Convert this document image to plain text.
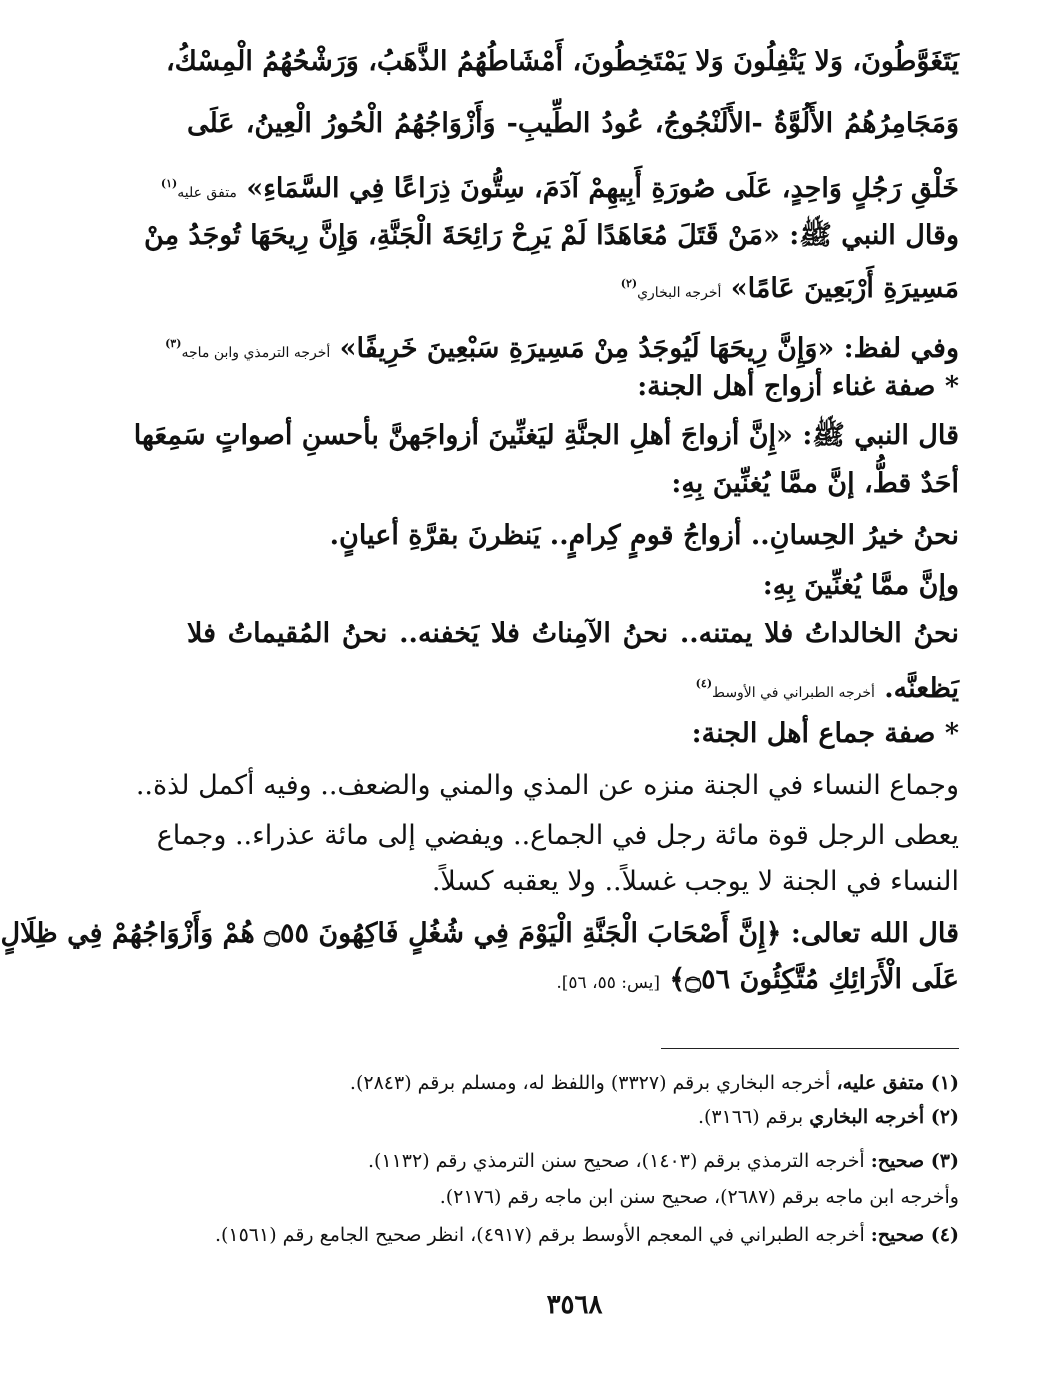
يَتَغَوَّطُونَ، وَلا يَتْفِلُونَ وَلا يَمْتَخِطُونَ، أَمْشَاطُهُمُ الذَّهَبُ، وَرَشْحُهُمُ الْمِسْكُ،
وَمَجَامِرُهُمُ الأَلُوَّةُ -الأَلَنْجُوجُ، عُودُ الطِّيبِ- وَأَزْوَاجُهُمُ الْحُورُ الْعِينُ، عَلَى
خَلْقِ رَجُلٍ وَاحِدٍ، عَلَى صُورَةِ أَبِيهِمْ آدَمَ، سِتُّونَ ذِرَاعًا فِي السَّمَاءِ» متفق عليه$^{(١)}$
وقال النبي ﷺ: «مَنْ قَتَلَ مُعَاهَدًا لَمْ يَرِحْ رَائِحَةَ الْجَنَّةِ، وَإِنَّ رِيحَهَا تُوجَدُ مِنْ
مَسِيرَةِ أَرْبَعِينَ عَامًا» أخرجه البخاري$^{(٢)}$
وفي لفظ: «وَإِنَّ رِيحَهَا لَيُوجَدُ مِنْ مَسِيرَةِ سَبْعِينَ خَرِيفًا» أخرجه الترمذي وابن ماجه$^{(٣)}$
* صفة غناء أزواج أهل الجنة:
قال النبي ﷺ: «إِنَّ أزواجَ أهلِ الجنَّةِ ليَغنِّينَ أزواجَهنَّ بأحسنِ أصواتٍ سَمِعَها
أحَدٌ قطُّ، إنَّ ممَّا يُغنِّينَ بِهِ:
نحنُ خيرُ الحِسانِ.. أزواجُ قومٍ كِرامٍ.. يَنظرنَ بقرَّةِ أعيانٍ.
وإنَّ ممَّا يُغنِّينَ بِهِ:
نحنُ الخالداتُ فلا يمتنه.. نحنُ الآمِناتُ فلا يَخفنه.. نحنُ المُقيماتُ فلا
يَظعنَّه. أخرجه الطبراني في الأوسط$^{(٤)}$
* صفة جماع أهل الجنة:
وجماع النساء في الجنة منزه عن المذي والمني والضعف.. وفيه أكمل لذة..
يعطى الرجل قوة مائة رجل في الجماع.. ويفضي إلى مائة عذراء.. وجماع
النساء في الجنة لا يوجب غسلاً.. ولا يعقبه كسلاً.
قال الله تعالى: ﴿إِنَّ أَصْحَابَ الْجَنَّةِ الْيَوْمَ فِي شُغُلٍ فَاكِهُونَ ۝٥٥ هُمْ وَأَزْوَاجُهُمْ فِي ظِلَالٍ
عَلَى الْأَرَائِكِ مُتَّكِئُونَ ۝٥٦﴾ [يس: ٥٥، ٥٦].
(١) متفق عليه، أخرجه البخاري برقم (٣٣٢٧) واللفظ له، ومسلم برقم (٢٨٤٣).
(٢) أخرجه البخاري برقم (٣١٦٦).
(٣) صحيح: أخرجه الترمذي برقم (١٤٠٣)، صحيح سنن الترمذي رقم (١١٣٢).
وأخرجه ابن ماجه برقم (٢٦٨٧)، صحيح سنن ابن ماجه رقم (٢١٧٦).
(٤) صحيح: أخرجه الطبراني في المعجم الأوسط برقم (٤٩١٧)، انظر صحيح الجامع رقم (١٥٦١).
٣٥٦٨
